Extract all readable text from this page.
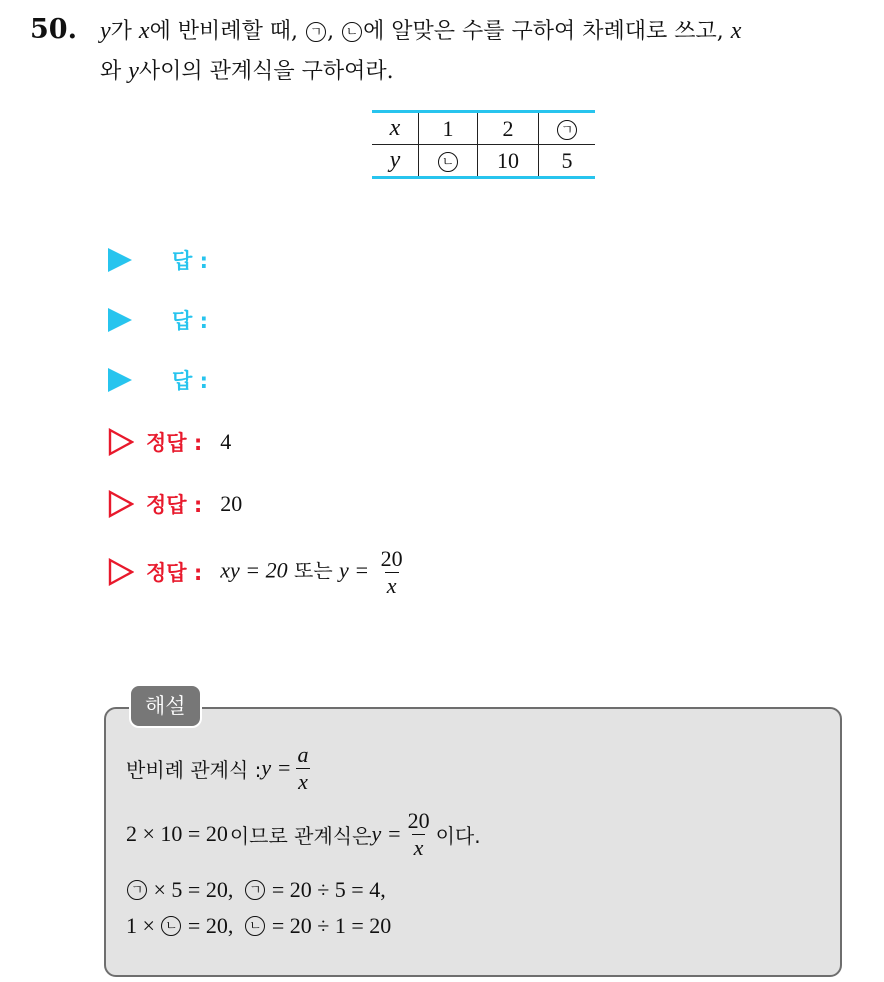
50. y가 x에 반비례할 때, ㄱ , ㄴ 에 알맞은 수를 구하여 차례대로 쓰고, x
와 y사이의 관계식을 구하여라.
x	1	2	ㄱ
y	ㄴ	10	5
답 :
답 :
답 :
정답 : 4
정답 : 20
정답 : xy = 20 또는 $y = \frac{20}{x}$
해설
반비례 관계식 : $y = \frac{a}{x}$
2 × 10 = 20 이므로 관계식은 $y = \frac{20}{x}$ 이다.
ㄱ × 5 = 20, ㄱ = 20 ÷ 5 = 4,
1 × ㄴ = 20, ㄴ = 20 ÷ 1 = 20
